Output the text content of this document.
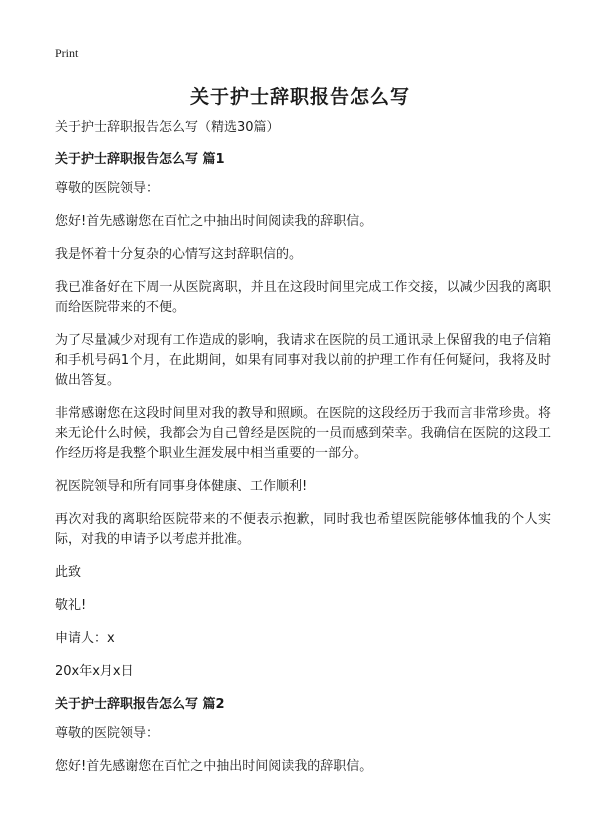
Print
关于护士辞职报告怎么写

关于护士辞职报告怎么写（精选30篇）

关于护士辞职报告怎么写 篇1

尊敬的医院领导：

您好!首先感谢您在百忙之中抽出时间阅读我的辞职信。

我是怀着十分复杂的心情写这封辞职信的。

我已准备好在下周一从医院离职，并且在这段时间里完成工作交接，以减少因我的离职而给医院带来的不便。

为了尽量减少对现有工作造成的影响，我请求在医院的员工通讯录上保留我的电子信箱和手机号码1个月，在此期间，如果有同事对我以前的护理工作有任何疑问，我将及时做出答复。

非常感谢您在这段时间里对我的教导和照顾。在医院的这段经历于我而言非常珍贵。将来无论什么时候，我都会为自己曾经是医院的一员而感到荣幸。我确信在医院的这段工作经历将是我整个职业生涯发展中相当重要的一部分。

祝医院领导和所有同事身体健康、工作顺利!

再次对我的离职给医院带来的不便表示抱歉，同时我也希望医院能够体恤我的个人实际，对我的申请予以考虑并批准。

此致

敬礼!

申请人：x

20x年x月x日

关于护士辞职报告怎么写 篇2

尊敬的医院领导：

您好!首先感谢您在百忙之中抽出时间阅读我的辞职信。
